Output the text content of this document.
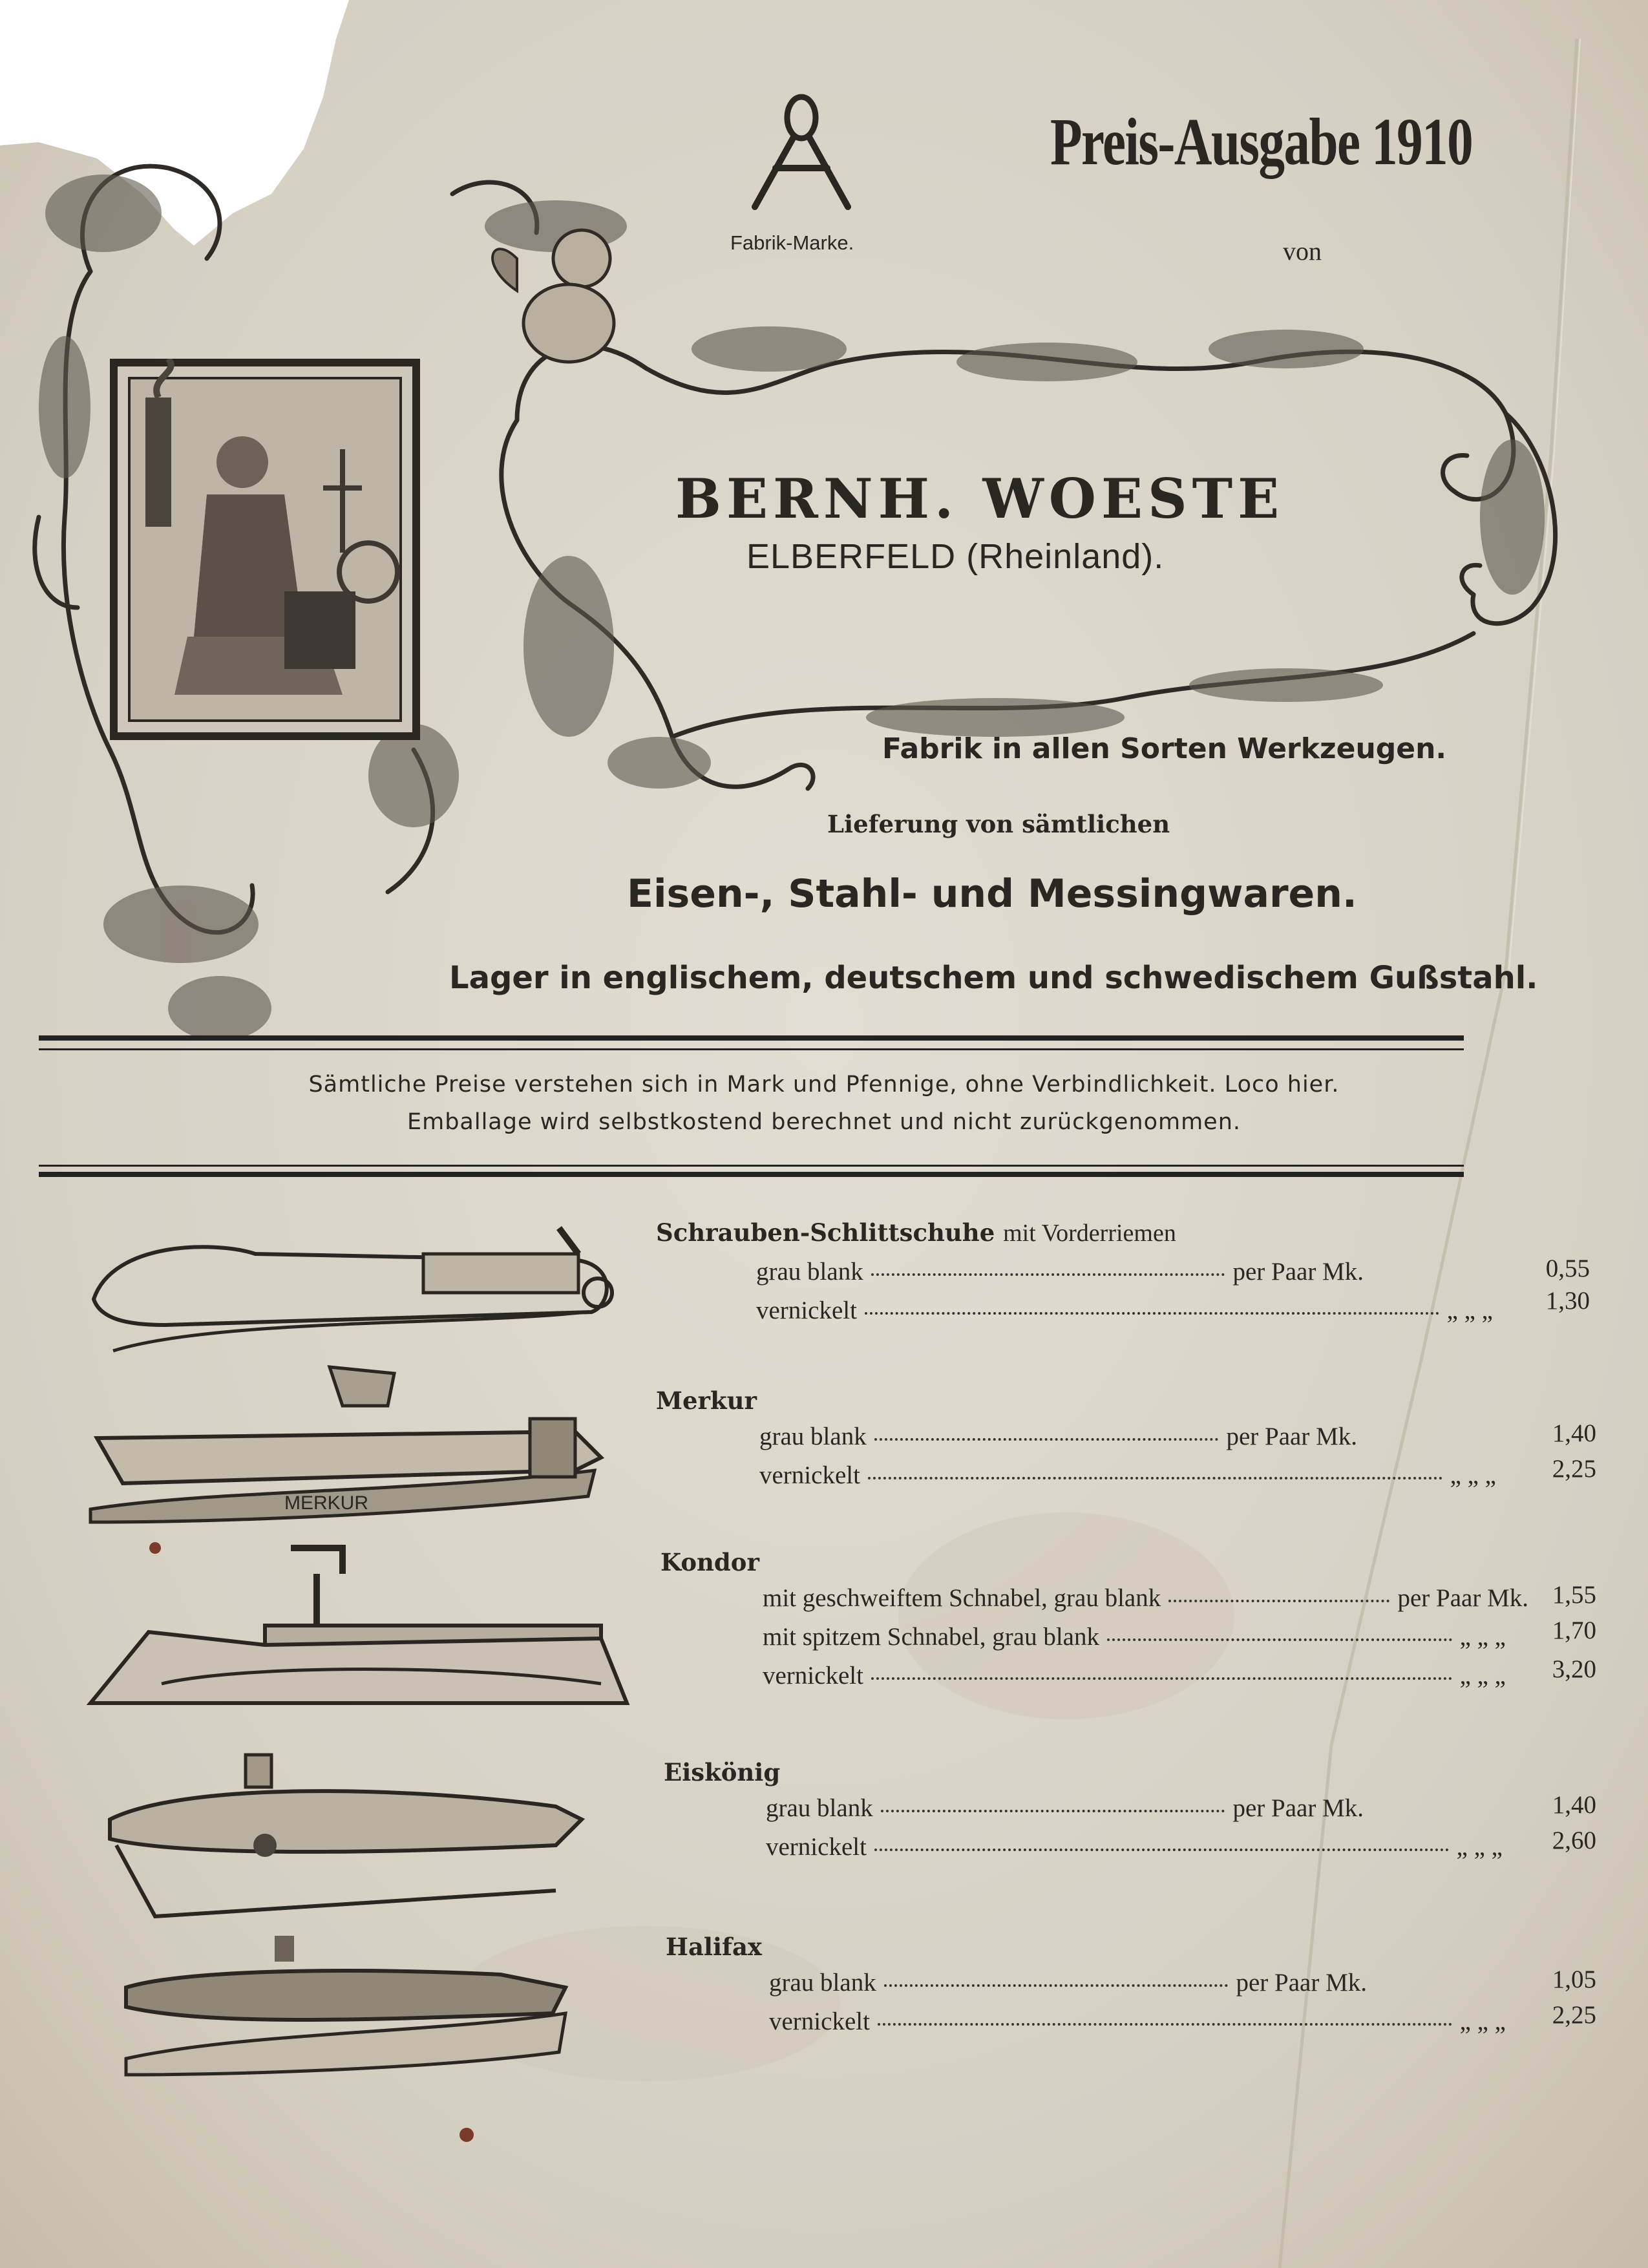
Fabrik-Marke.
Preis-Ausgabe 1910
von
BERNH. WOESTE
ELBERFELD (Rheinland).
Fabrik in allen Sorten Werkzeugen.
Lieferung von sämtlichen
Eisen-, Stahl- und Messingwaren.
Lager in englischem, deutschem und schwedischem Gußstahl.
Sämtliche Preise verstehen sich in Mark und Pfennige, ohne Verbindlichkeit. Loco hier.
Emballage wird selbstkostend berechnet und nicht zurückgenommen.
MERKUR
Schrauben-Schlittschuhe mit Vorderriemen
grau blank	per Paar Mk.	0,55
vernickelt	„ „ „	1,30
Merkur
grau blank	per Paar Mk.	1,40
vernickelt	„ „ „	2,25
Kondor
mit geschweiftem Schnabel, grau blank	per Paar Mk. 1,55
mit spitzem Schnabel, grau blank	„ „ „	1,70
vernickelt	„ „ „	3,20
Eiskönig
grau blank	per Paar Mk.	1,40
vernickelt	„ „ „	2,60
Halifax
grau blank	per Paar Mk.	1,05
vernickelt	„ „ „	2,25
